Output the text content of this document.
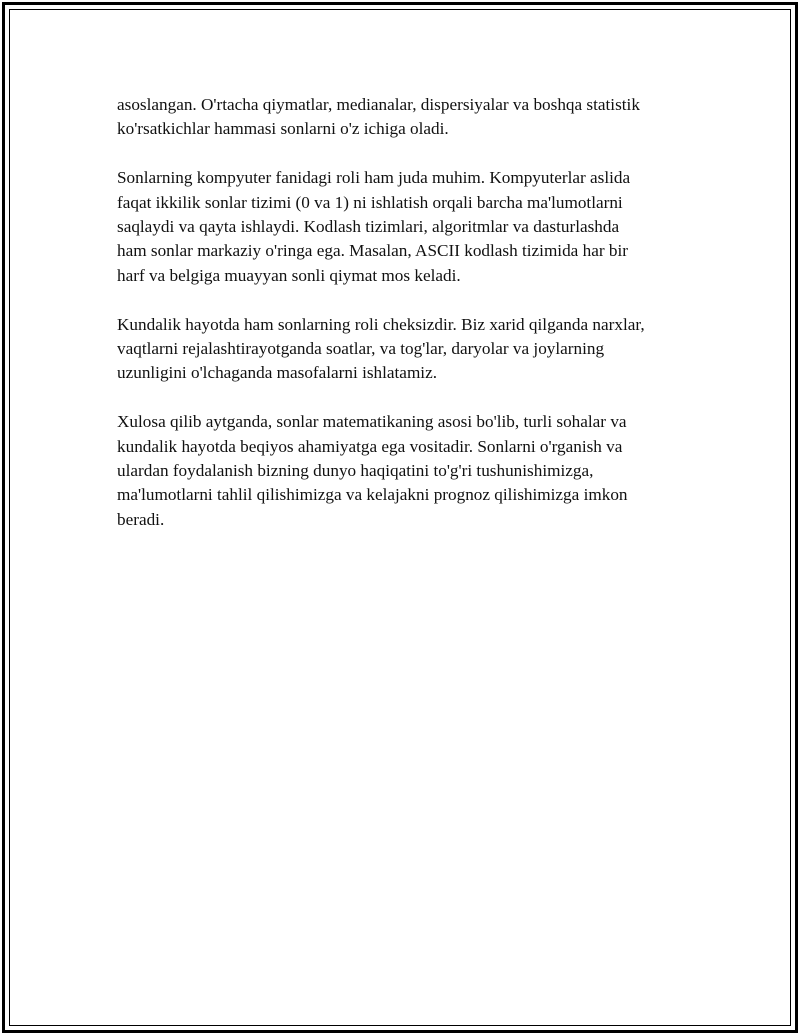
asoslangan. O'rtacha qiymatlar, medianalar, dispersiyalar va boshqa statistik
ko'rsatkichlar hammasi sonlarni o'z ichiga oladi.

Sonlarning kompyuter fanidagi roli ham juda muhim. Kompyuterlar aslida
faqat ikkilik sonlar tizimi (0 va 1) ni ishlatish orqali barcha ma'lumotlarni
saqlaydi va qayta ishlaydi. Kodlash tizimlari, algoritmlar va dasturlashda
ham sonlar markaziy o'ringa ega. Masalan, ASCII kodlash tizimida har bir
harf va belgiga muayyan sonli qiymat mos keladi.

Kundalik hayotda ham sonlarning roli cheksizdir. Biz xarid qilganda narxlar,
vaqtlarni rejalashtirayotganda soatlar, va tog'lar, daryolar va joylarning
uzunligini o'lchaganda masofalarni ishlatamiz.

Xulosa qilib aytganda, sonlar matematikaning asosi bo'lib, turli sohalar va
kundalik hayotda beqiyos ahamiyatga ega vositadir. Sonlarni o'rganish va
ulardan foydalanish bizning dunyo haqiqatini to'g'ri tushunishimizga,
ma'lumotlarni tahlil qilishimizga va kelajakni prognoz qilishimizga imkon
beradi.
